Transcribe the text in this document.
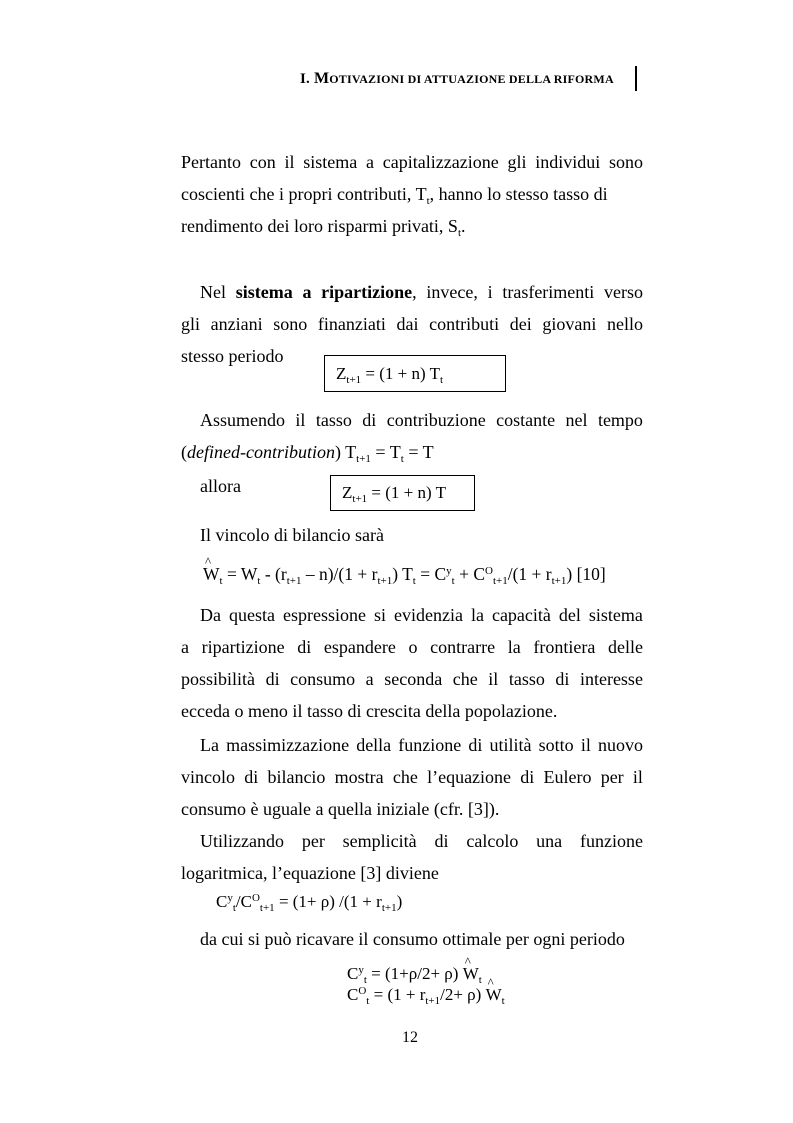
I. MOTIVAZIONI DI ATTUAZIONE DELLA RIFORMA
Pertanto con il sistema a capitalizzazione gli individui sono
coscienti che i propri contributi, $T_t$, hanno lo stesso tasso di
rendimento dei loro risparmi privati, $S_t$.
Nel sistema a ripartizione, invece, i trasferimenti verso
gli anziani sono finanziati dai contributi dei giovani nello
stesso periodo
$Z_{t+1} = (1 + n)$ $T_t$
Assumendo il tasso di contribuzione costante nel tempo
(defined-contribution) $T_{t+1} = T_t = T$
allora	$Z_{t+1} = (1 + n)$ T
Il vincolo di bilancio sarà
^ $W_t = W_t - (r_{t+1} - n)/(1 + r_{t+1}) T_t = C^y_t + C^O_{t+1}/(1 + r_{t+1})$ [10]
Da questa espressione si evidenzia la capacità del sistema
a ripartizione di espandere o contrarre la frontiera delle
possibilità di consumo a seconda che il tasso di interesse
ecceda o meno il tasso di crescita della popolazione.
La massimizzazione della funzione di utilità sotto il nuovo
vincolo di bilancio mostra che l’equazione di Eulero per il
consumo è uguale a quella iniziale (cfr. [3]).
Utilizzando per semplicità di calcolo una funzione
logaritmica, l’equazione [3] diviene
$C^y_t/C^O_{t+1} = (1+ \rho) /(1 + r_{t+1})$
da cui si può ricavare il consumo ottimale per ogni periodo
$C^y_t = (1+\rho/2+ \rho)$ ^ $W_t$
$C^O_t = (1 + r_{t+1}/2+ \rho)$ ^ $W_t$
12
